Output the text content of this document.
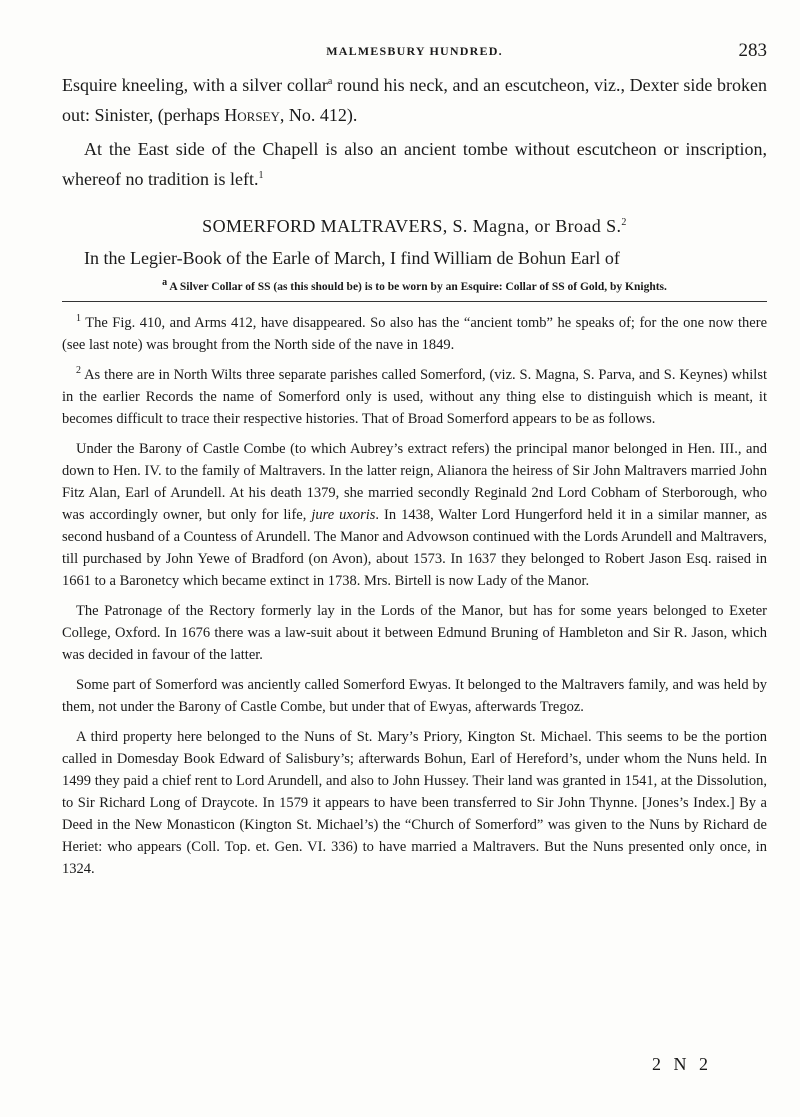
MALMESBURY HUNDRED.	283

Esquire kneeling, with a silver collar$^a$ round his neck, and an escutcheon, viz., Dexter side broken out: Sinister, (perhaps Horsey, No. 412).

At the East side of the Chapell is also an ancient tombe without escutcheon or inscription, whereof no tradition is left.$^1$

SOMERFORD MALTRAVERS, S. Magna, or Broad S.$^2$

In the Legier-Book of the Earle of March, I find William de Bohun Earl of

$^a$ A Silver Collar of SS (as this should be) is to be worn by an Esquire: Collar of SS of Gold, by Knights.

$^1$ The Fig. 410, and Arms 412, have disappeared. So also has the “ancient tomb” he speaks of; for the one now there (see last note) was brought from the North side of the nave in 1849.

$^2$ As there are in North Wilts three separate parishes called Somerford, (viz. S. Magna, S. Parva, and S. Keynes) whilst in the earlier Records the name of Somerford only is used, without any thing else to distinguish which is meant, it becomes difficult to trace their respective histories. That of Broad Somerford appears to be as follows.

Under the Barony of Castle Combe (to which Aubrey’s extract refers) the principal manor belonged in Hen. III., and down to Hen. IV. to the family of Maltravers. In the latter reign, Alianora the heiress of Sir John Maltravers married John Fitz Alan, Earl of Arundell. At his death 1379, she married secondly Reginald 2nd Lord Cobham of Sterborough, who was accordingly owner, but only for life, jure uxoris. In 1438, Walter Lord Hungerford held it in a similar manner, as second husband of a Countess of Arundell. The Manor and Advowson continued with the Lords Arundell and Maltravers, till purchased by John Yewe of Bradford (on Avon), about 1573. In 1637 they belonged to Robert Jason Esq. raised in 1661 to a Baronetcy which became extinct in 1738. Mrs. Birtell is now Lady of the Manor.

The Patronage of the Rectory formerly lay in the Lords of the Manor, but has for some years belonged to Exeter College, Oxford. In 1676 there was a law-suit about it between Edmund Bruning of Hambleton and Sir R. Jason, which was decided in favour of the latter.

Some part of Somerford was anciently called Somerford Ewyas. It belonged to the Maltravers family, and was held by them, not under the Barony of Castle Combe, but under that of Ewyas, afterwards Tregoz.

A third property here belonged to the Nuns of St. Mary’s Priory, Kington St. Michael. This seems to be the portion called in Domesday Book Edward of Salisbury’s; afterwards Bohun, Earl of Hereford’s, under whom the Nuns held. In 1499 they paid a chief rent to Lord Arundell, and also to John Hussey. Their land was granted in 1541, at the Dissolution, to Sir Richard Long of Draycote. In 1579 it appears to have been transferred to Sir John Thynne. [Jones’s Index.] By a Deed in the New Monasticon (Kington St. Michael’s) the “Church of Somerford” was given to the Nuns by Richard de Heriet: who appears (Coll. Top. et. Gen. VI. 336) to have married a Maltravers. But the Nuns presented only once, in 1324.

2 N 2
